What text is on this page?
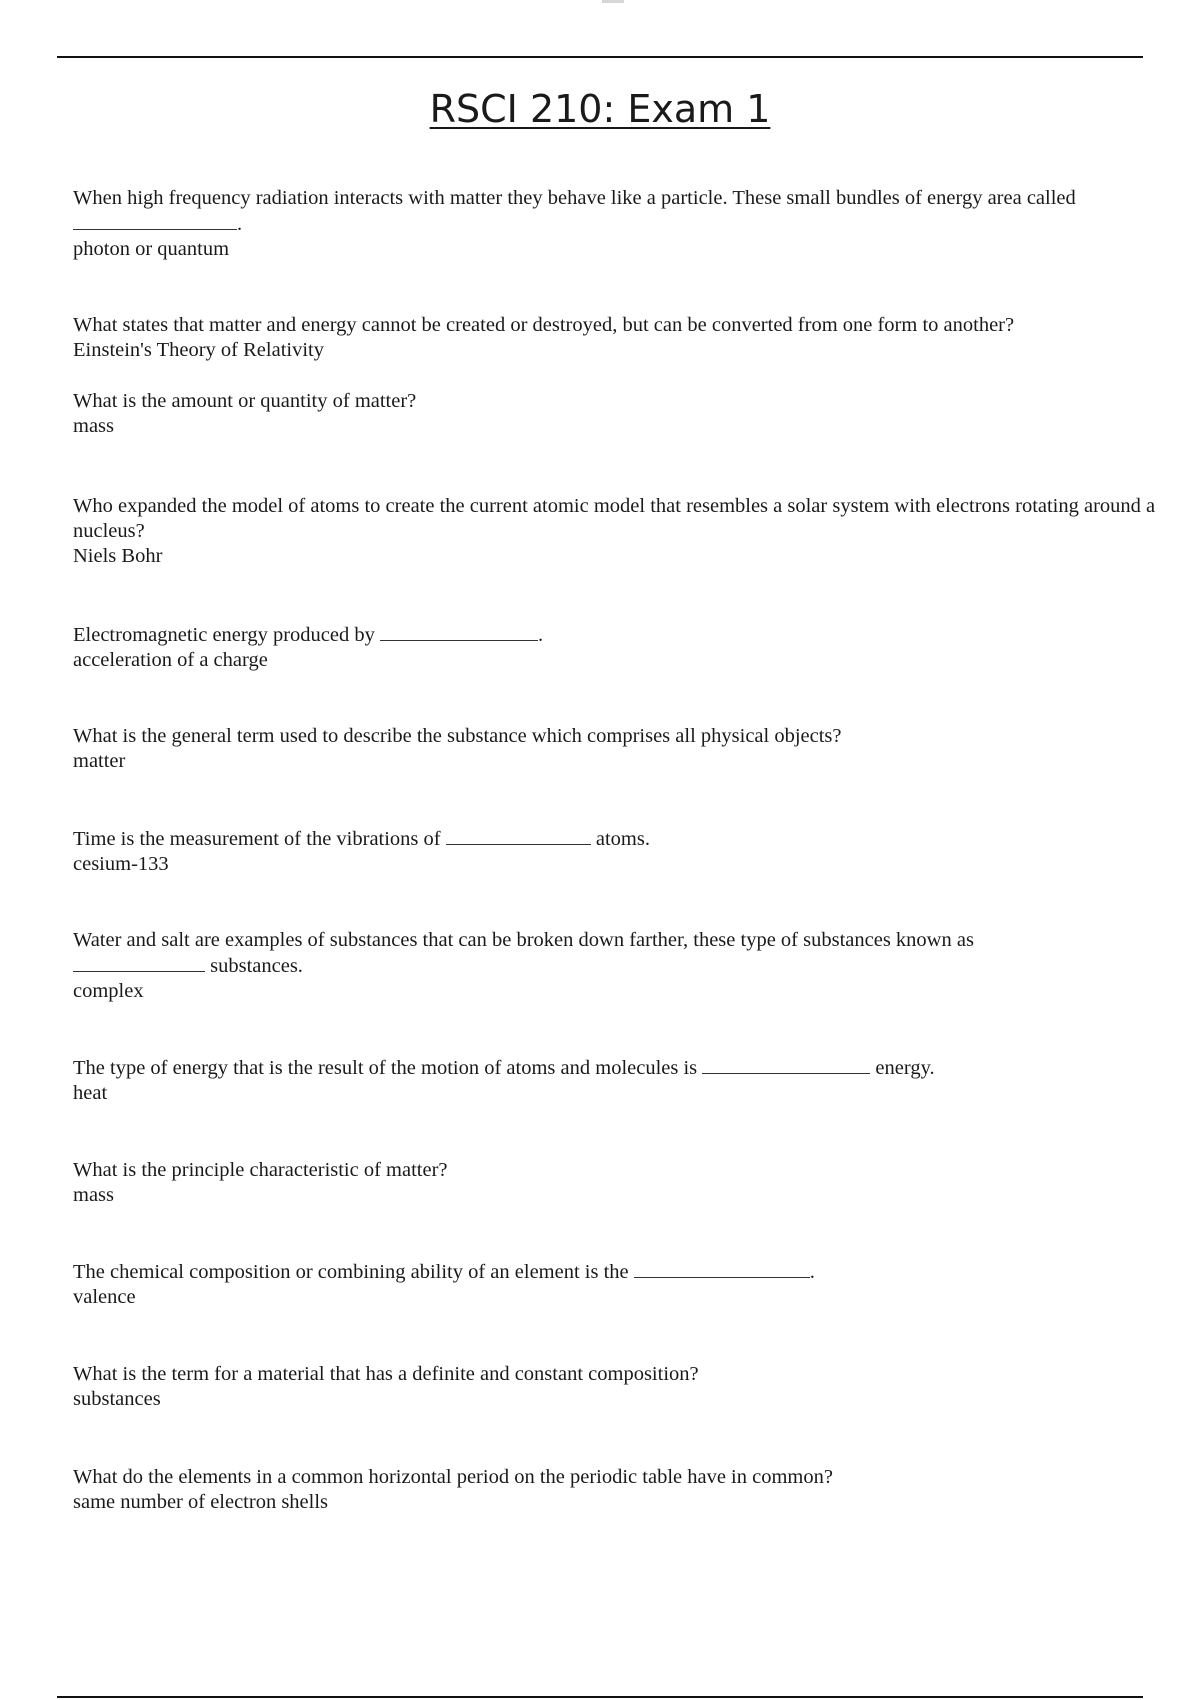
RSCI 210: Exam 1

When high frequency radiation interacts with matter they behave like a particle. These small bundles of energy area called
.

photon or quantum

What states that matter and energy cannot be created or destroyed, but can be converted from one form to another?

Einstein's Theory of Relativity

What is the amount or quantity of matter?

mass

Who expanded the model of atoms to create the current atomic model that resembles a solar system with electrons rotating around a nucleus?

Niels Bohr

Electromagnetic energy produced by	.

acceleration of a charge

What is the general term used to describe the substance which comprises all physical objects?

matter

Time is the measurement of the vibrations of	atoms.

cesium-133

Water and salt are examples of substances that can be broken down farther, these type of substances known as
substances.

complex

The type of energy that is the result of the motion of atoms and molecules is	energy.

heat

What is the principle characteristic of matter?

mass

The chemical composition or combining ability of an element is the	.

valence

What is the term for a material that has a definite and constant composition?

substances

What do the elements in a common horizontal period on the periodic table have in common?

same number of electron shells
